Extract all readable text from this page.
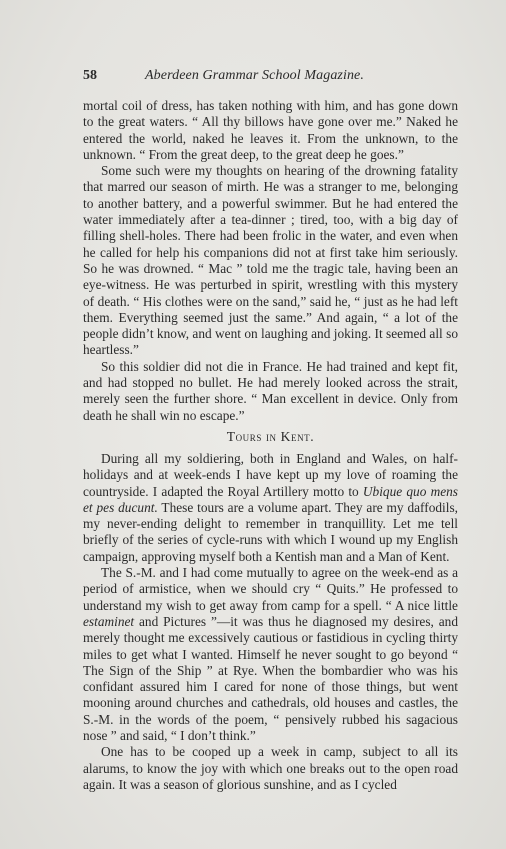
58	Aberdeen Grammar School Magazine.

mortal coil of dress, has taken nothing with him, and has gone down to the great waters. “ All thy billows have gone over me.” Naked he entered the world, naked he leaves it. From the unknown, to the unknown. “ From the great deep, to the great deep he goes.”

Some such were my thoughts on hearing of the drowning fatality that marred our season of mirth. He was a stranger to me, belonging to another battery, and a powerful swimmer. But he had entered the water immediately after a tea-dinner ; tired, too, with a big day of filling shell-holes. There had been frolic in the water, and even when he called for help his companions did not at first take him seriously. So he was drowned. “ Mac ” told me the tragic tale, having been an eye-witness. He was perturbed in spirit, wrestling with this mystery of death. “ His clothes were on the sand,” said he, “ just as he had left them. Everything seemed just the same.” And again, “ a lot of the people didn’t know, and went on laughing and joking. It seemed all so heartless.”

So this soldier did not die in France. He had trained and kept fit, and had stopped no bullet. He had merely looked across the strait, merely seen the further shore. “ Man excellent in device. Only from death he shall win no escape.”

Tours in Kent.

During all my soldiering, both in England and Wales, on half-holidays and at week-ends I have kept up my love of roaming the countryside. I adapted the Royal Artillery motto to Ubique quo mens et pes ducunt. These tours are a volume apart. They are my daffodils, my never-ending delight to remember in tranquillity. Let me tell briefly of the series of cycle-runs with which I wound up my English campaign, approving myself both a Kentish man and a Man of Kent.

The S.-M. and I had come mutually to agree on the week-end as a period of armistice, when we should cry “ Quits.” He professed to understand my wish to get away from camp for a spell. “ A nice little estaminet and Pictures ”—it was thus he diagnosed my desires, and merely thought me excessively cautious or fastidious in cycling thirty miles to get what I wanted. Himself he never sought to go beyond “ The Sign of the Ship ” at Rye. When the bombardier who was his confidant assured him I cared for none of those things, but went mooning around churches and cathedrals, old houses and castles, the S.-M. in the words of the poem, “ pensively rubbed his sagacious nose ” and said, “ I don’t think.”

One has to be cooped up a week in camp, subject to all its alarums, to know the joy with which one breaks out to the open road again. It was a season of glorious sunshine, and as I cycled
